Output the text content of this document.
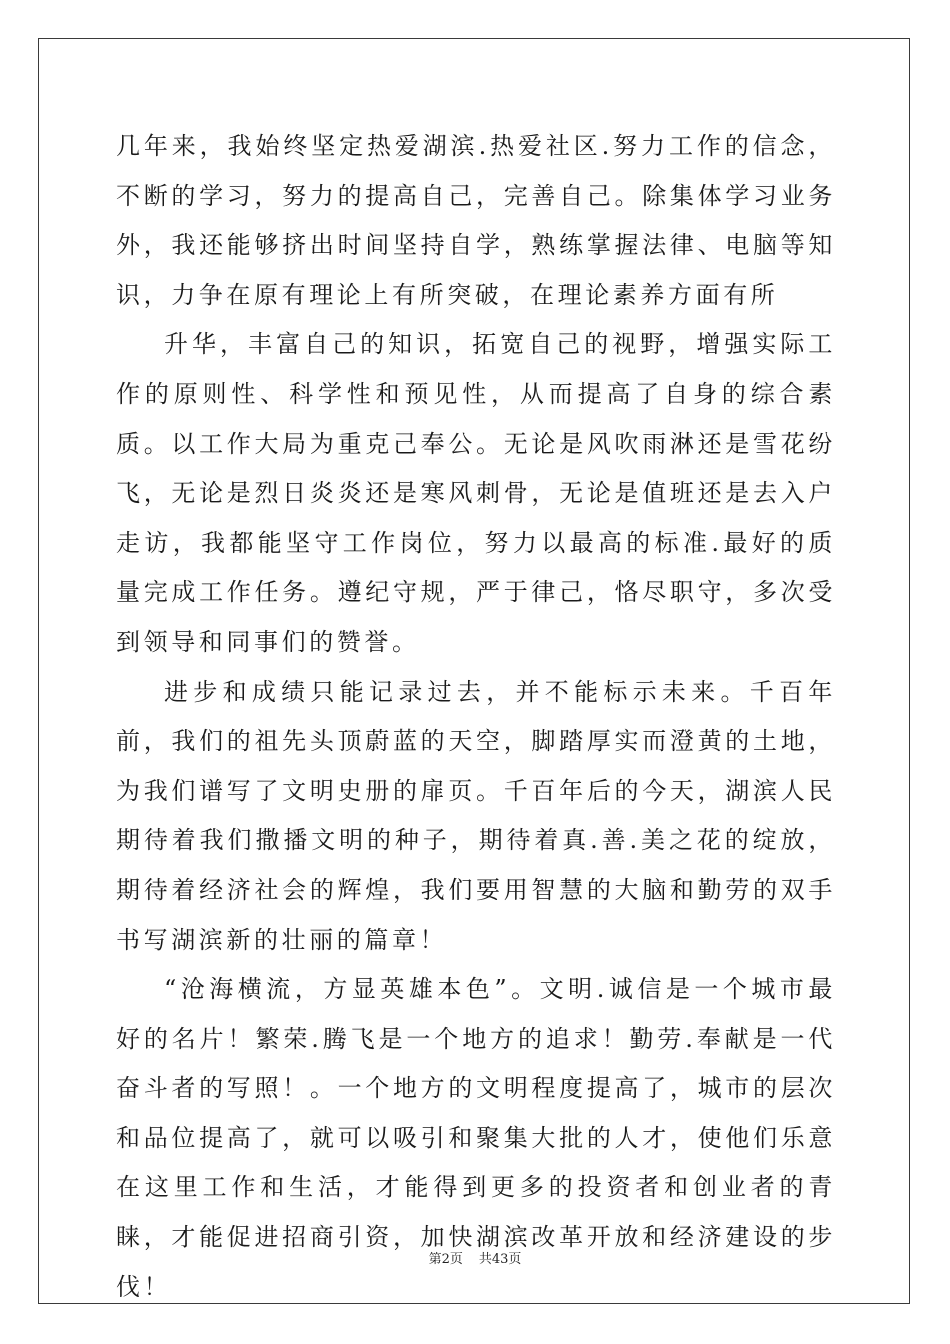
几年来，我始终坚定热爱湖滨.热爱社区.努力工作的信念，不断的学习，努力的提高自己，完善自己。除集体学习业务外，我还能够挤出时间坚持自学，熟练掌握法律、电脑等知识，力争在原有理论上有所突破，在理论素养方面有所

升华，丰富自己的知识，拓宽自己的视野，增强实际工作的原则性、科学性和预见性，从而提高了自身的综合素质。以工作大局为重克己奉公。无论是风吹雨淋还是雪花纷飞，无论是烈日炎炎还是寒风刺骨，无论是值班还是去入户走访，我都能坚守工作岗位，努力以最高的标准.最好的质量完成工作任务。遵纪守规，严于律己，恪尽职守，多次受到领导和同事们的赞誉。

进步和成绩只能记录过去，并不能标示未来。千百年前，我们的祖先头顶蔚蓝的天空，脚踏厚实而澄黄的土地，为我们谱写了文明史册的扉页。千百年后的今天，湖滨人民期待着我们撒播文明的种子，期待着真.善.美之花的绽放，期待着经济社会的辉煌，我们要用智慧的大脑和勤劳的双手书写湖滨新的壮丽的篇章！

“沧海横流，方显英雄本色”。文明.诚信是一个城市最好的名片！繁荣.腾飞是一个地方的追求！勤劳.奉献是一代奋斗者的写照！。一个地方的文明程度提高了，城市的层次和品位提高了，就可以吸引和聚集大批的人才，使他们乐意在这里工作和生活，才能得到更多的投资者和创业者的青睐，才能促进招商引资，加快湖滨改革开放和经济建设的步伐！

第2页 共43页
